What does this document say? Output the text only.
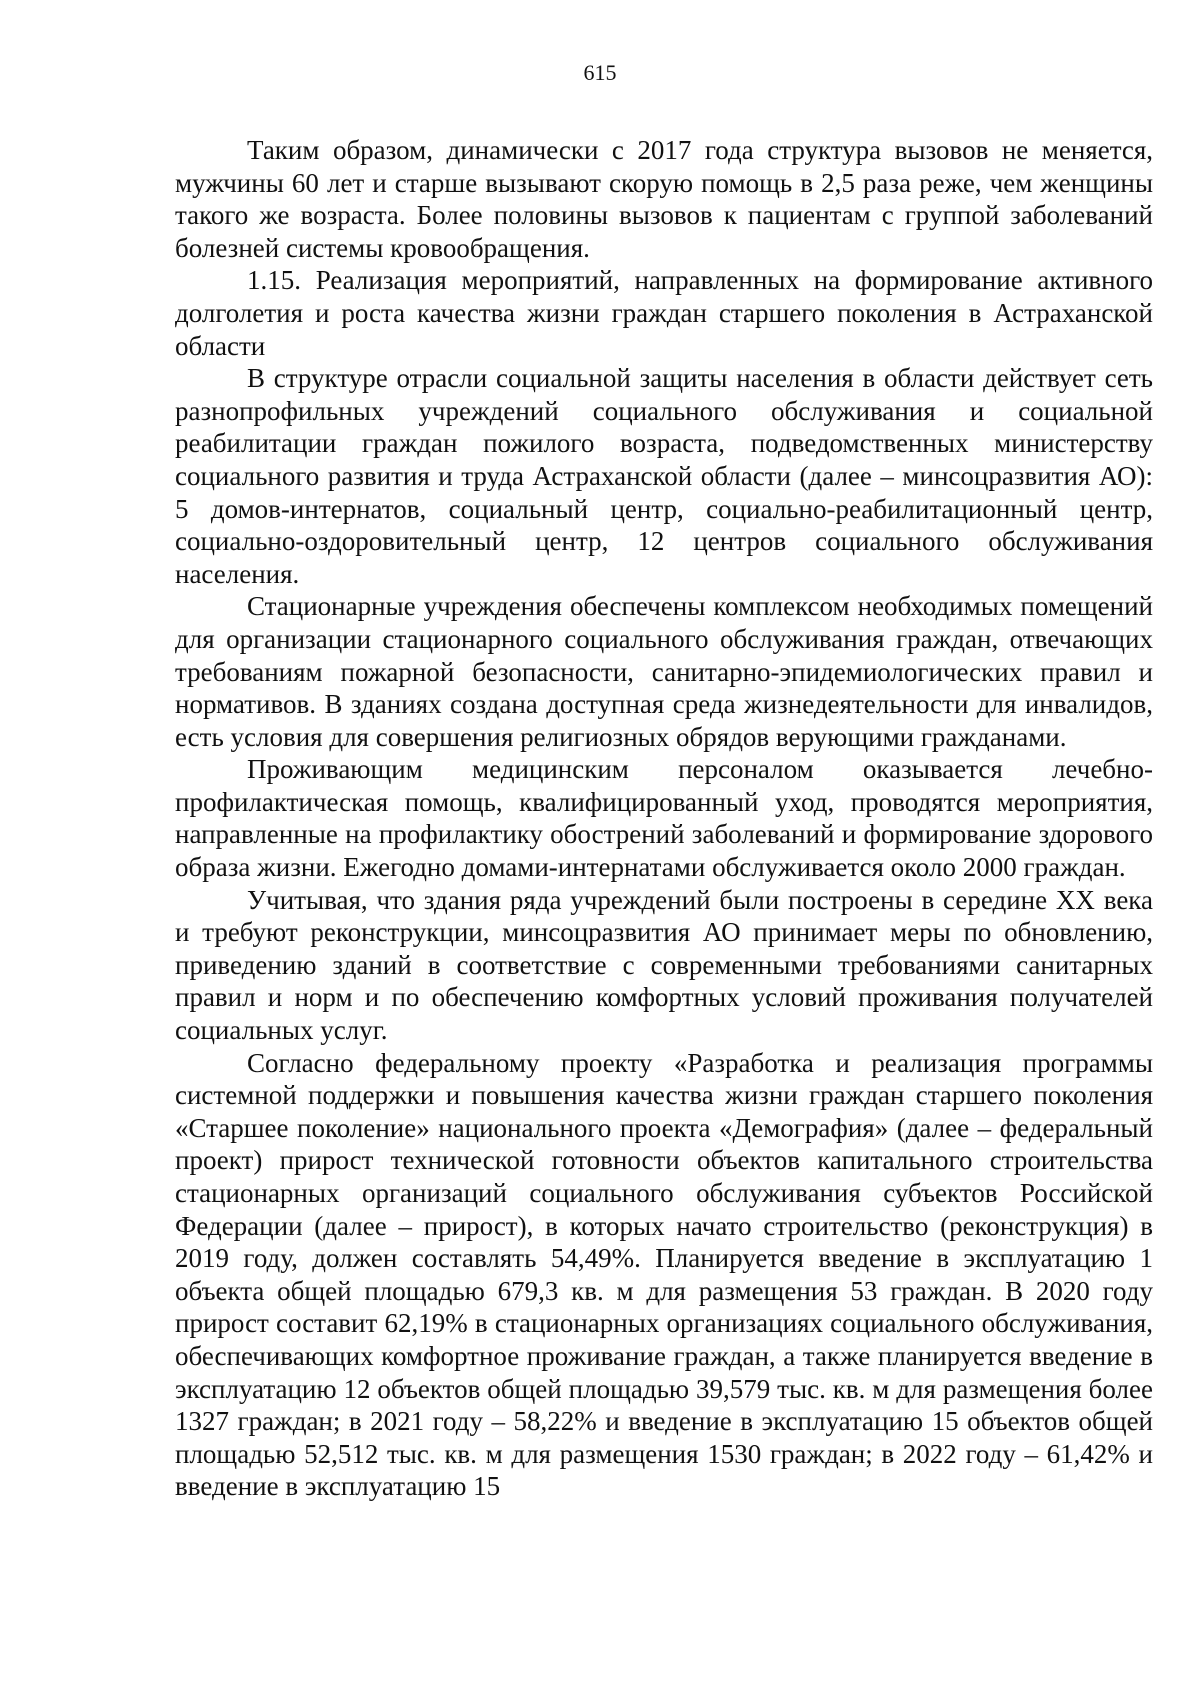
615

Таким образом, динамически с 2017 года структура вызовов не меняется, мужчины 60 лет и старше вызывают скорую помощь в 2,5 раза реже, чем женщины такого же возраста. Более половины вызовов к пациентам с группой заболеваний болезней системы кровообращения.

1.15. Реализация мероприятий, направленных на формирование активного долголетия и роста качества жизни граждан старшего поколения в Астраханской области

В структуре отрасли социальной защиты населения в области действует сеть разнопрофильных учреждений социального обслуживания и социальной реабилитации граждан пожилого возраста, подведомственных министерству социального развития и труда Астраханской области (далее – минсоцразвития АО): 5 домов-интернатов, социальный центр, социально-реабилитационный центр, социально-оздоровительный центр, 12 центров социального обслуживания населения.

Стационарные учреждения обеспечены комплексом необходимых помещений для организации стационарного социального обслуживания граждан, отвечающих требованиям пожарной безопасности, санитарно-эпидемиологических правил и нормативов. В зданиях создана доступная среда жизнедеятельности для инвалидов, есть условия для совершения религиозных обрядов верующими гражданами.

Проживающим медицинским персоналом оказывается лечебно-профилактическая помощь, квалифицированный уход, проводятся мероприятия, направленные на профилактику обострений заболеваний и формирование здорового образа жизни. Ежегодно домами-интернатами обслуживается около 2000 граждан.

Учитывая, что здания ряда учреждений были построены в середине XX века и требуют реконструкции, минсоцразвития АО принимает меры по обновлению, приведению зданий в соответствие с современными требованиями санитарных правил и норм и по обеспечению комфортных условий проживания получателей социальных услуг.

Согласно федеральному проекту «Разработка и реализация программы системной поддержки и повышения качества жизни граждан старшего поколения «Старшее поколение» национального проекта «Демография» (далее – федеральный проект) прирост технической готовности объектов капитального строительства стационарных организаций социального обслуживания субъектов Российской Федерации (далее – прирост), в которых начато строительство (реконструкция) в 2019 году, должен составлять 54,49%. Планируется введение в эксплуатацию 1 объекта общей площадью 679,3 кв. м для размещения 53 граждан. В 2020 году прирост составит 62,19% в стационарных организациях социального обслуживания, обеспечивающих комфортное проживание граждан, а также планируется введение в эксплуатацию 12 объектов общей площадью 39,579 тыс. кв. м для размещения более 1327 граждан; в 2021 году – 58,22% и введение в эксплуатацию 15 объектов общей площадью 52,512 тыс. кв. м для размещения 1530 граждан; в 2022 году – 61,42% и введение в эксплуатацию 15
